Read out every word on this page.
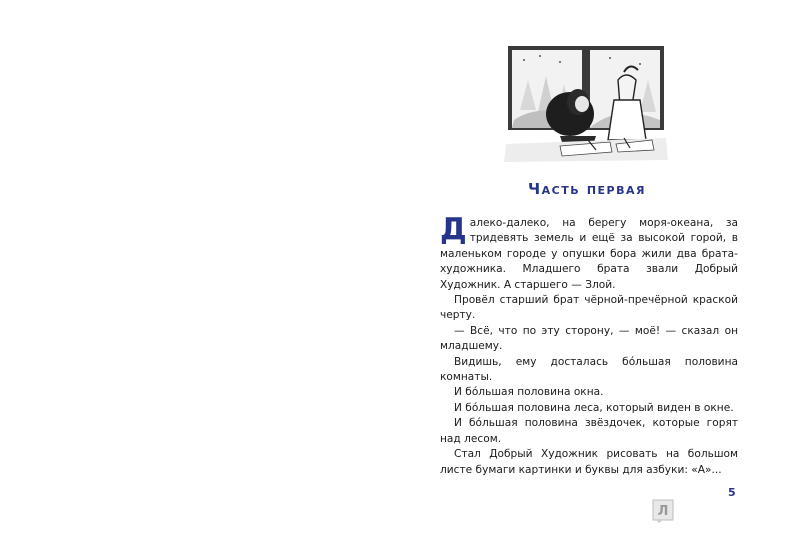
Часть первая

Далеко-далеко, на берегу моря-океана, за тридевять земель и ещё за высокой горой, в маленьком городе у опушки бора жили два брата-художника. Младшего брата звали Добрый Художник. А старшего — Злой.

Провёл старший брат чёрной-пречёрной краской черту.

— Всё, что по эту сторону, — моё! — сказал он младшему.

Видишь, ему досталась бóльшая половина комнаты.

И бóльшая половина окна.

И бóльшая половина леса, который виден в окне.

И бóльшая половина звёздочек, которые горят над лесом.

Стал Добрый Художник рисовать на большом листе бумаги картинки и буквы для азбуки: «А»...

5
Л
